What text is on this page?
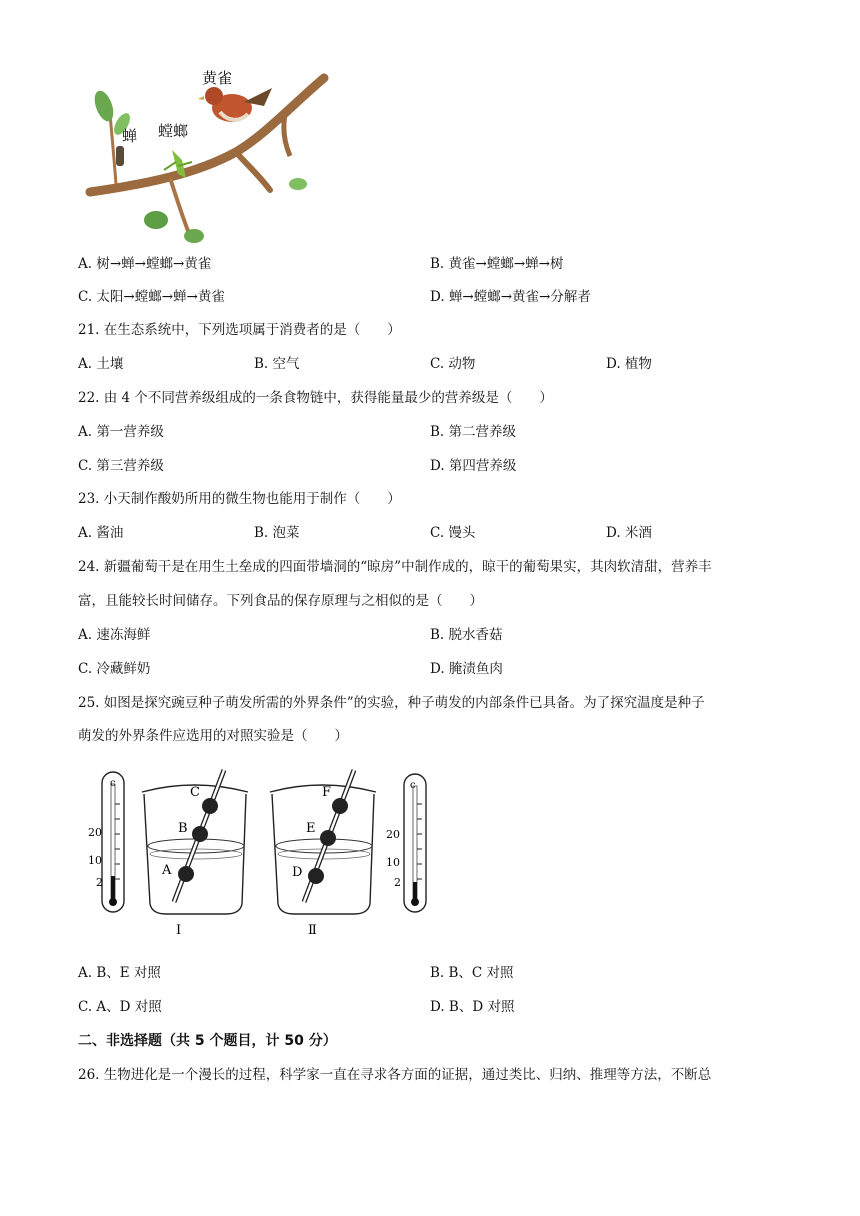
黄雀
蝉 螳螂
A. 树→蝉→螳螂→黄雀	B. 黄雀→螳螂→蝉→树
C. 太阳→螳螂→蝉→黄雀	D. 蝉→螳螂→黄雀→分解者
21. 在生态系统中，下列选项属于消费者的是（　　）
A. 土壤	B. 空气	C. 动物	D. 植物
22. 由 4 个不同营养级组成的一条食物链中，获得能量最少的营养级是（　　）
A. 第一营养级	B. 第二营养级
C. 第三营养级	D. 第四营养级
23. 小天制作酸奶所用的微生物也能用于制作（　　）
A. 酱油	B. 泡菜	C. 馒头	D. 米酒
24. 新疆葡萄干是在用生土垒成的四面带墙洞的“晾房”中制作成的，晾干的葡萄果实，其肉软清甜，营养丰
富，且能较长时间储存。下列食品的保存原理与之相似的是（　　）
A. 速冻海鲜	B. 脱水香菇
C. 冷藏鲜奶	D. 腌渍鱼肉
25. 如图是探究豌豆种子萌发所需的外界条件”的实验，种子萌发的内部条件已具备。为了探究温度是种子
萌发的外界条件应选用的对照实验是（　　）
c
20
10
2
C
B
A
F
E
D
c
20
10
2
Ⅰ	Ⅱ
A. B、E 对照	B. B、C 对照
C. A、D 对照	D. B、D 对照
二、非选择题（共 5 个题目，计 50 分）
26. 生物进化是一个漫长的过程，科学家一直在寻求各方面的证据，通过类比、归纳、推理等方法，不断总
